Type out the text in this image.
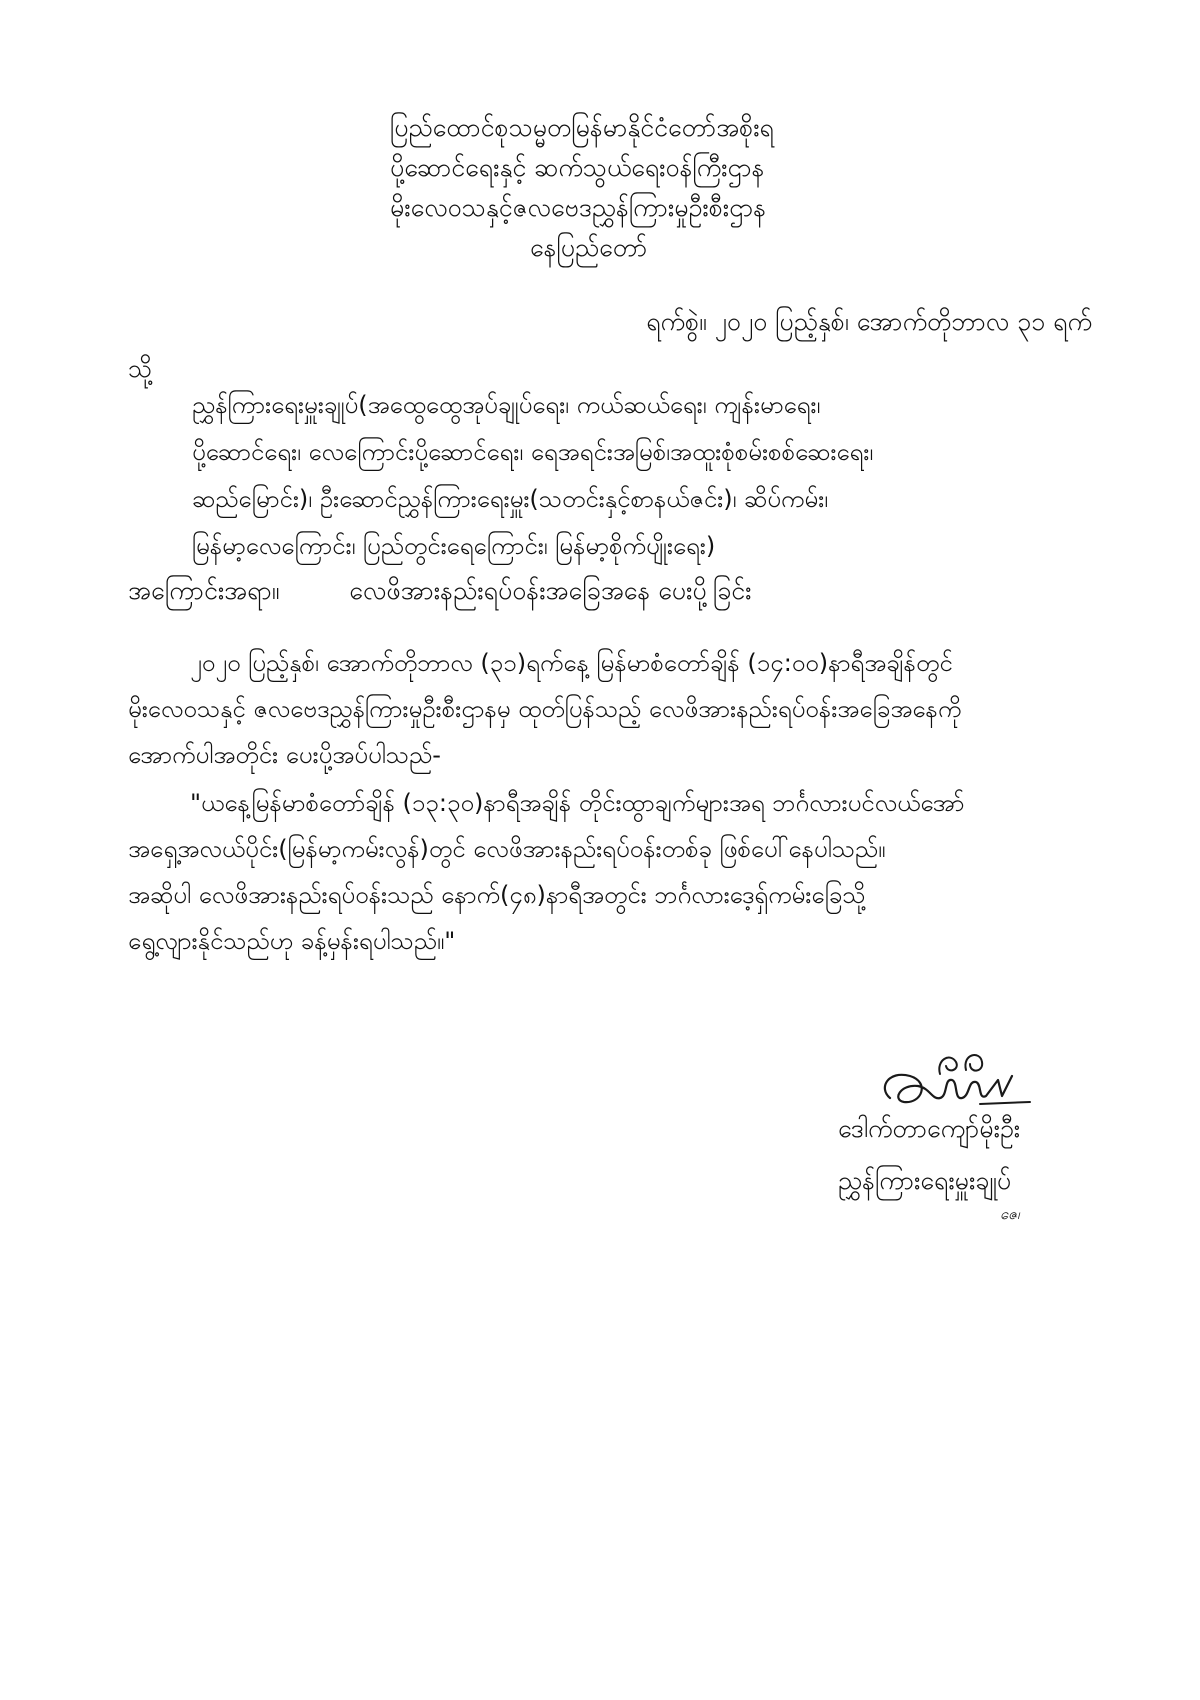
ပြည်ထောင်စုသမ္မတမြန်မာနိုင်ငံတော်အစိုးရ
ပို့ဆောင်ရေးနှင့် ဆက်သွယ်ရေးဝန်ကြီးဌာန
မိုးလေဝသနှင့်ဇလဗေဒညွှန်ကြားမှုဦးစီးဌာန
နေပြည်တော်
ရက်စွဲ။ ၂၀၂၀ ပြည့်နှစ်၊ အောက်တိုဘာလ ၃၁ ရက်
သို့
ညွှန်ကြားရေးမှူးချုပ်(အထွေထွေအုပ်ချုပ်ရေး၊ ကယ်ဆယ်ရေး၊ ကျန်းမာရေး၊
ပို့ဆောင်ရေး၊ လေကြောင်းပို့ဆောင်ရေး၊ ရေအရင်းအမြစ်၊အထူးစုံစမ်းစစ်ဆေးရေး၊
ဆည်မြောင်း)၊ ဦးဆောင်ညွှန်ကြားရေးမှူး(သတင်းနှင့်စာနယ်ဇင်း)၊ ဆိပ်ကမ်း၊
မြန်မာ့လေကြောင်း၊ ပြည်တွင်းရေကြောင်း၊ မြန်မာ့စိုက်ပျိုးရေး)
အကြောင်းအရာ။	လေဖိအားနည်းရပ်ဝန်းအခြေအနေ ပေးပို့ခြင်း
၂၀၂၀ ပြည့်နှစ်၊ အောက်တိုဘာလ (၃၁)ရက်နေ့ မြန်မာစံတော်ချိန် (၁၄:၀၀)နာရီအချိန်တွင်
မိုးလေဝသနှင့် ဇလဗေဒညွှန်ကြားမှုဦးစီးဌာနမှ ထုတ်ပြန်သည့် လေဖိအားနည်းရပ်ဝန်းအခြေအနေကို
အောက်ပါအတိုင်း ပေးပို့အပ်ပါသည်-
"ယနေ့မြန်မာစံတော်ချိန် (၁၃:၃၀)နာရီအချိန် တိုင်းထွာချက်များအရ ဘင်္ဂလားပင်လယ်အော်
အရှေ့အလယ်ပိုင်း(မြန်မာ့ကမ်းလွန်)တွင် လေဖိအားနည်းရပ်ဝန်းတစ်ခု ဖြစ်ပေါ်နေပါသည်။
အဆိုပါ လေဖိအားနည်းရပ်ဝန်းသည် နောက်(၄၈)နာရီအတွင်း ဘင်္ဂလားဒေ့ရှ်ကမ်းခြေသို့
ရွေ့လျားနိုင်သည်ဟု ခန့်မှန်းရပါသည်။"
ဒေါက်တာကျော်မိုးဦး
ညွှန်ကြားရေးမှူးချုပ်
ဇေ၊
